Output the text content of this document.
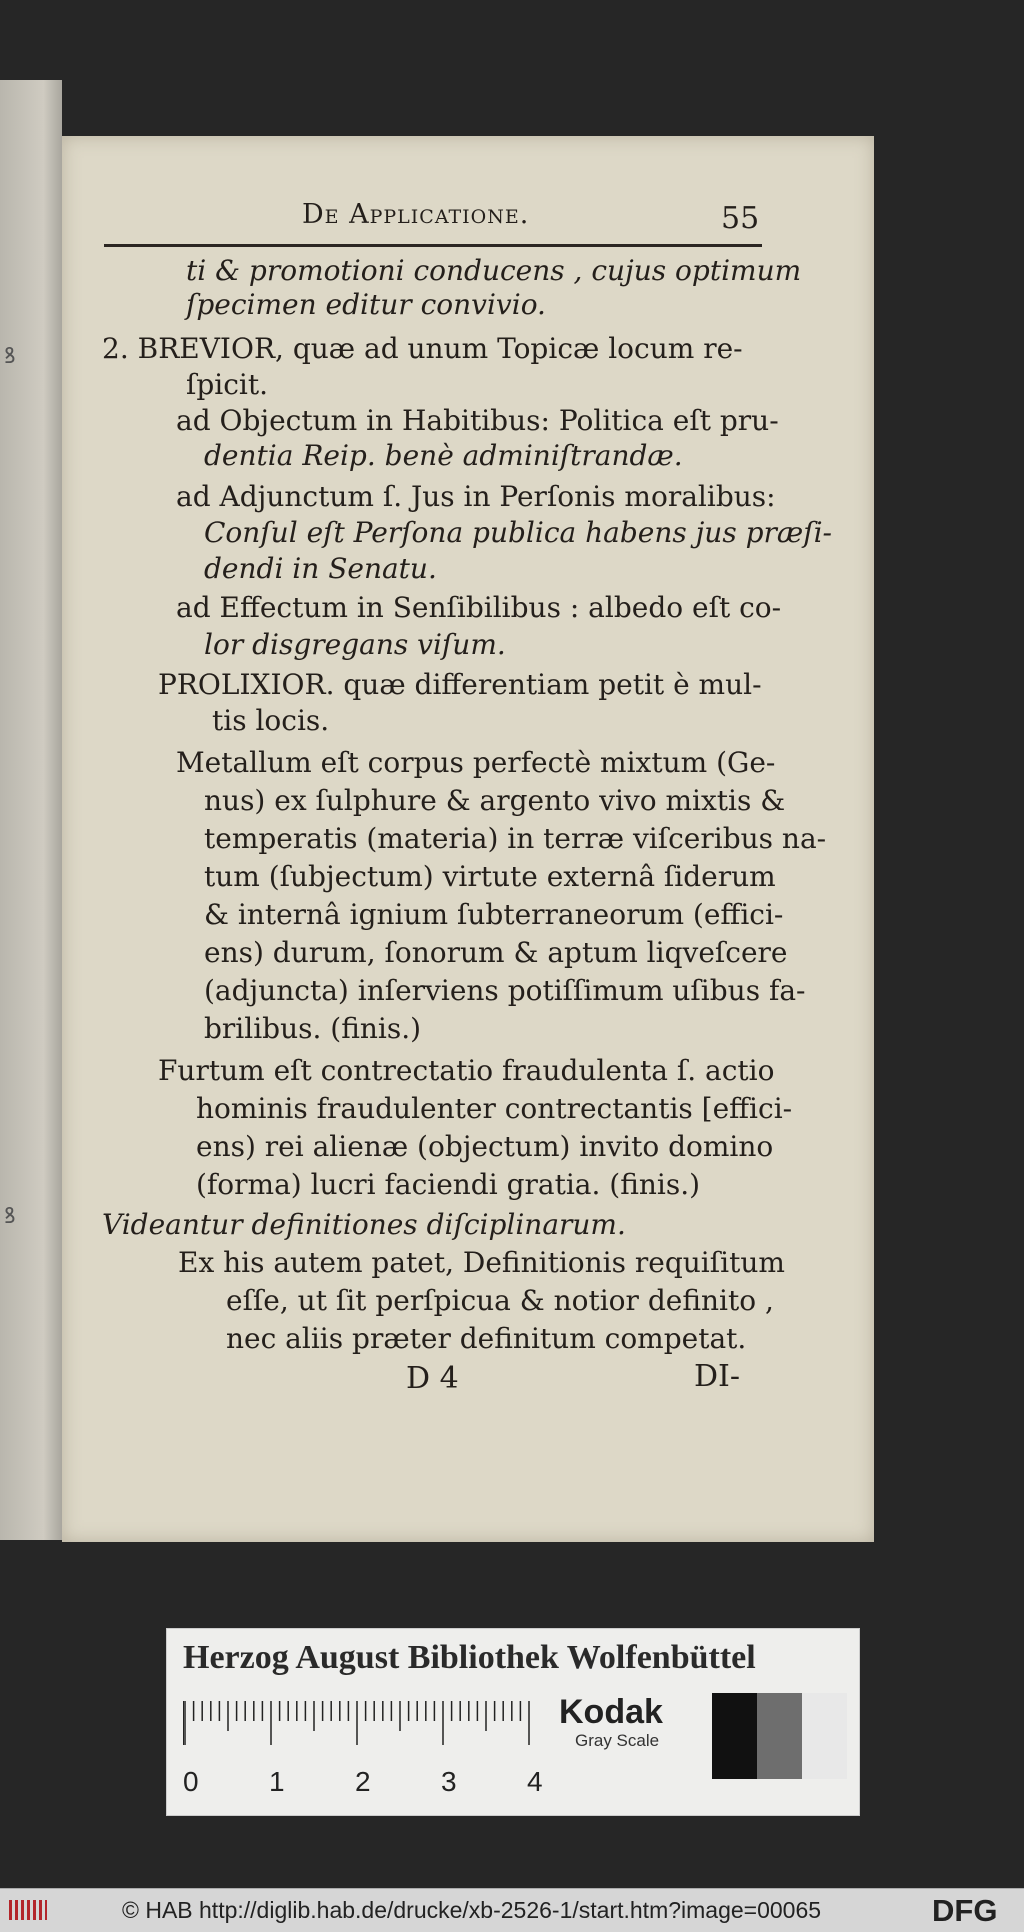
ꝸ
ꝸ
De Applicatione.	55
ti & promotioni conducens , cujus optimum
ſpecimen editur convivio.
2. BREVIOR, quæ ad unum Topicæ locum re-
ſpicit.
ad Objectum in Habitibus: Politica eſt pru-
dentia Reip. benè adminiſtrandæ.
ad Adjunctum ſ. Jus in Perſonis moralibus:
Conſul eſt Perſona publica habens jus præſi-
dendi in Senatu.
ad Effectum in Senſibilibus : albedo eſt co-
lor disgregans viſum.
PROLIXIOR. quæ differentiam petit è mul-
tis locis.
Metallum eſt corpus perfectè mixtum (Ge-
nus) ex ſulphure & argento vivo mixtis &
temperatis (materia) in terræ viſceribus na-
tum (ſubjectum) virtute externâ ſiderum
& internâ ignium ſubterraneorum (effici-
ens) durum, ſonorum & aptum liqveſcere
(adjuncta) inſerviens potiſſimum uſibus fa-
brilibus. (finis.)
Furtum eſt contrectatio fraudulenta ſ. actio
hominis fraudulenter contrectantis [effici-
ens) rei alienæ (objectum) invito domino
(forma) lucri faciendi gratia. (finis.)
Videantur definitiones diſciplinarum.
Ex his autem patet, Definitionis requiſitum
eſſe, ut ſit perſpicua & notior definito ,
nec aliis præter definitum competat.
D 4	DI-
Herzog August Bibliothek Wolfenbüttel
0	1	2	3	4
Kodak
Gray Scale
© HAB http://diglib.hab.de/drucke/xb-2526-1/start.htm?image=00065	DFG
